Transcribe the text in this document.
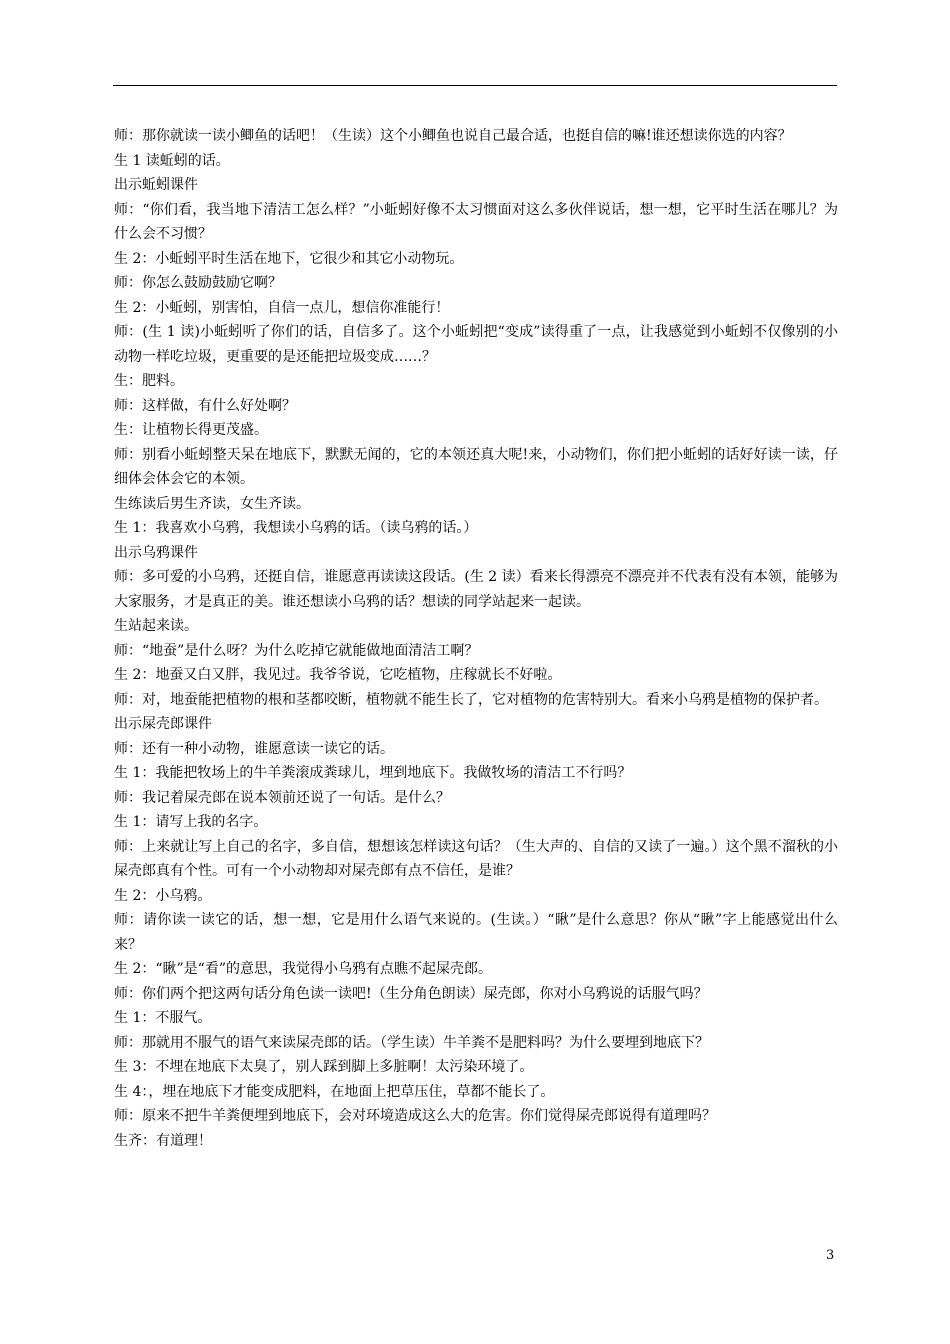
师：那你就读一读小鲫鱼的话吧！（生读）这个小鲫鱼也说自己最合适，也挺自信的嘛!谁还想读你选的内容？

生 1 读蚯蚓的话。

出示蚯蚓课件

师：“你们看，我当地下清洁工怎么样？”小蚯蚓好像不太习惯面对这么多伙伴说话，想一想，它平时生活在哪儿？为什么会不习惯？

生 2：小蚯蚓平时生活在地下，它很少和其它小动物玩。

师：你怎么鼓励鼓励它啊？

生 2：小蚯蚓，别害怕，自信一点儿，想信你准能行！

师：(生 1 读)小蚯蚓听了你们的话，自信多了。这个小蚯蚓把“变成”读得重了一点，让我感觉到小蚯蚓不仅像别的小动物一样吃垃圾，更重要的是还能把垃圾变成……？

生：肥料。

师：这样做，有什么好处啊？

生：让植物长得更茂盛。

师：别看小蚯蚓整天呆在地底下，默默无闻的，它的本领还真大呢!来，小动物们，你们把小蚯蚓的话好好读一读，仔细体会体会它的本领。

生练读后男生齐读，女生齐读。

生 1：我喜欢小乌鸦，我想读小乌鸦的话。（读乌鸦的话。）

出示乌鸦课件

师：多可爱的小乌鸦，还挺自信，谁愿意再读读这段话。(生 2 读）看来长得漂亮不漂亮并不代表有没有本领，能够为大家服务，才是真正的美。谁还想读小乌鸦的话？想读的同学站起来一起读。

生站起来读。

师：“地蚕”是什么呀？为什么吃掉它就能做地面清洁工啊？

生 2：地蚕又白又胖，我见过。我爷爷说，它吃植物，庄稼就长不好啦。

师：对，地蚕能把植物的根和茎都咬断，植物就不能生长了，它对植物的危害特别大。看来小乌鸦是植物的保护者。

出示屎壳郎课件

师：还有一种小动物，谁愿意读一读它的话。

生 1：我能把牧场上的牛羊粪滚成粪球儿，埋到地底下。我做牧场的清洁工不行吗？

师：我记着屎壳郎在说本领前还说了一句话。是什么？

生 1：请写上我的名字。

师：上来就让写上自己的名字，多自信，想想该怎样读这句话？（生大声的、自信的又读了一遍。）这个黑不溜秋的小屎壳郎真有个性。可有一个小动物却对屎壳郎有点不信任，是谁？

生 2：小乌鸦。

师：请你读一读它的话，想一想，它是用什么语气来说的。(生读。）“瞅”是什么意思？你从“瞅”字上能感觉出什么来？

生 2：“瞅”是“看”的意思，我觉得小乌鸦有点瞧不起屎壳郎。

师：你们两个把这两句话分角色读一读吧!（生分角色朗读）屎壳郎，你对小乌鸦说的话服气吗？

生 1：不服气。

师：那就用不服气的语气来读屎壳郎的话。（学生读）牛羊粪不是肥料吗？为什么要埋到地底下？

生 3：不埋在地底下太臭了，别人踩到脚上多脏啊！太污染环境了。

生 4：，埋在地底下才能变成肥料，在地面上把草压住，草都不能长了。

师：原来不把牛羊粪便埋到地底下，会对环境造成这么大的危害。你们觉得屎壳郎说得有道理吗？

生齐：有道理！

3
